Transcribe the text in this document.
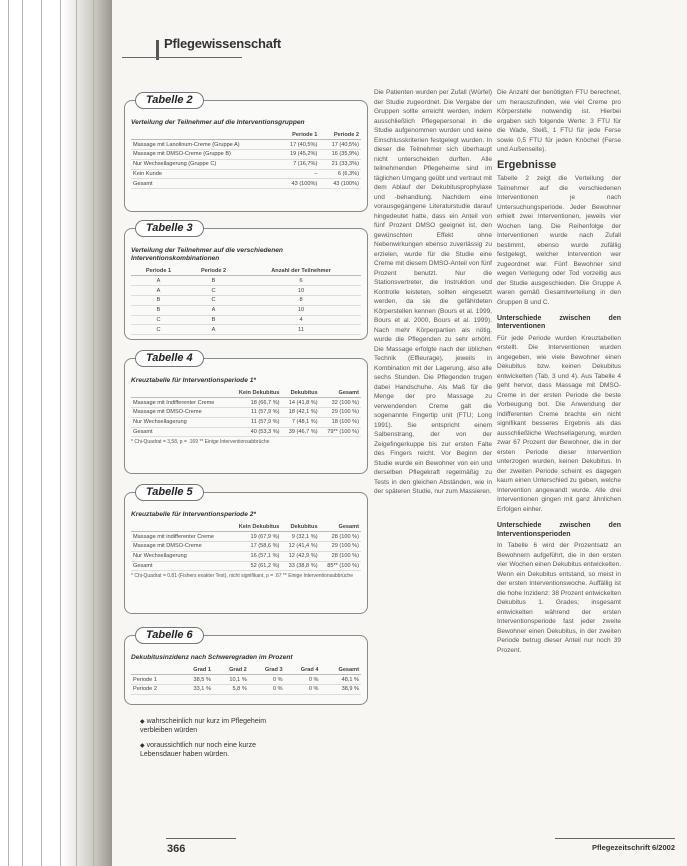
Pflegewissenschaft
Tabelle 2
Verteilung der Teilnehmer auf die Interventionsgruppen
	Periode 1	Periode 2
Massage mit Lanolinum-Creme (Gruppe A)	17 (40,5%)	17 (40,5%)
Massage mit DMSO-Creme (Gruppe B)	19 (45,2%)	16 (35,9%)
Nur Wechsellagerung (Gruppe C)	7 (16,7%)	21 (33,3%)
Kein Kunde	–	6 (6,3%)
Gesamt	43 (100%)	43 (100%)
Tabelle 3
Verteilung der Teilnehmer auf die verschiedenen Interventionskombinationen
Periode 1	Periode 2	Anzahl der Teilnehmer
A	B	6
A	C	10
B	C	8
B	A	10
C	B	4
C	A	11
Tabelle 4
Kreuztabelle für Interventionsperiode 1*
	Kein Dekubitus	Dekubitus	Gesamt
Massage mit Indifferenter Creme	18 (66,7 %)	14 (41,8 %)	32 (100 %)
Massage mit DMSO-Creme	11 (57,9 %)	18 (42,1 %)	29 (100 %)
Nur Wechsellagerung	11 (57,9 %)	7 (48,1 %)	18 (100 %)
Gesamt	40 (53,3 %)	39 (46,7 %)	79** (100 %)
* Chi-Quadrat = 3,58, p = .169 ** Einige Interventionsabbrüche
Tabelle 5
Kreuztabelle für Interventionsperiode 2*
	Kein Dekubitus	Dekubitus	Gesamt
Massage mit indifferenter Creme	19 (67,9 %)	9 (32,1 %)	28 (100 %)
Massage mit DMSO-Creme	17 (58,6 %)	12 (41,4 %)	29 (100 %)
Nur Wechsellagerung	16 (57,1 %)	12 (42,9 %)	28 (100 %)
Gesamt	52 (61,2 %)	33 (38,8 %)	85** (100 %)
* Chi-Quadrat = 0,81 (Fishers exakter Test), nicht signifikant, p = .67 ** Einige Interventionsabbrüche
Tabelle 6
Dekubitusinzidenz nach Schweregraden im Prozent
	Grad 1	Grad 2	Grad 3	Grad 4	Gesamt
Periode 1	38,5 %	10,1 %	0 %	0 %	48,1 %
Periode 2	33,1 %	5,8 %	0 %	0 %	38,9 %
◆ wahrscheinlich nur kurz im Pflegeheim verbleiben würden
◆ voraussichtlich nur noch eine kurze Lebensdauer haben würden.
Die Patienten wurden per Zufall (Würfel) der Studie zugeordnet. Die Vergabe der Gruppen sollte erreicht werden, indem ausschließlich Pflegepersonal in die Studie aufgenommen wurden und keine Einschlusskriterien festgelegt wurden. In dieser die Teilnehmer sich überhaupt nicht unterscheiden durften. Alle teilnehmenden Pflegeheime sind im täglichen Umgang geübt und vertraut mit dem Ablauf der Dekubitusprophylaxe und -behandlung. Nachdem eine vorausgegangene Literaturstudie darauf hingedeutet hatte, dass ein Anteil von fünf Prozent DMSO geeignet ist, den gewünschten Effekt ohne Nebenwirkungen ebenso zuverlässig zu erzielen, wurde für die Studie eine Creme mit diesem DMSO-Anteil von fünf Prozent benutzt. Nur die Stationsvertreter, die Instruktion und Kontrolle leisteten, sollten eingesetzt werden, da sie die gefährdeten Körperstellen kennen (Bours et al. 1999, Bours et al. 2000, Bours et al. 1999). Nach mehr Körperpartien als nötig, wurde die Pflegenden zu sehr erhöht. Die Massage erfolgte nach der üblichen Technik (Effleurage), jeweils in Kombination mit der Lagerung, also alle sechs Stunden. Die Pflegenden trugen dabei Handschuhe. Als Maß für die Menge der pro Massage zu verwendenden Creme galt die sogenannte Fingertip unit (FTU; Long 1991). Sie entspricht einem Salbenstrang, der von der Zeigefingerkuppe bis zur ersten Falte des Fingers reicht. Vor Beginn der Studie wurde ein Bewohner von ein und derselben Pflegekraft regelmäßig zu Tests in den gleichen Abständen, wie in der späteren Studie, nur zum Massieren.
Die Anzahl der benötigten FTU berechnet, um herauszufinden, wie viel Creme pro Körperstelle notwendig ist. Hierbei ergaben sich folgende Werte: 3 FTU für die Wade, Steiß, 1 FTU für jede Ferse sowie 0,5 FTU für jeden Knöchel (Ferse und Außenseite).
Ergebnisse
Tabelle 2 zeigt die Verteilung der Teilnehmer auf die verschiedenen Interventionen je nach Untersuchungsperiode. Jeder Bewohner erhielt zwei Interventionen, jeweils vier Wochen lang. Die Reihenfolge der Interventionen wurde nach Zufall bestimmt, ebenso wurde zufällig festgelegt, welcher Intervention wer zugeordnet war. Fünf Bewohner sind wegen Verlegung oder Tod vorzeitig aus der Studie ausgeschieden. Die Gruppe A waren gemäß Gesamtverteilung in den Gruppen B und C.
Unterschiede zwischen den Interventionen
Für jede Periode wurden Kreuztabellen erstellt. Die Interventionen wurden angegeben, wie viele Bewohner einen Dekubitus bzw. keinen Dekubitus entwickelten (Tab. 3 und 4). Aus Tabelle 4 geht hervor, dass Massage mit DMSO-Creme in der ersten Periode die beste Vorbeugung bot. Die Anwendung der indifferenten Creme brachte ein nicht signifikant besseres Ergebnis als das ausschließliche Wechsellagerung, wurden zwar 67 Prozent der Bewohner, die in der ersten Periode dieser Intervention unterzogen wurden, keinen Dekubitus. In der zweiten Periode scheint es dagegen kaum einen Unterschied zu geben, welche Intervention angewandt wurde. Alle drei Interventionen gingen mit ganz ähnlichen Erfolgen einher.
Unterschiede zwischen den Interventionsperioden
In Tabelle 6 wird der Prozentsatz an Bewohnern aufgeführt, die in den ersten vier Wochen einen Dekubitus entwickelten. Wenn ein Dekubitus entstand, so meist in der ersten Interventionswoche. Auffällig ist die hohe Inzidenz: 38 Prozent entwickelten Dekubitus 1. Grades; insgesamt entwickelten während der ersten Interventionsperiode fast jeder zweite Bewohner einen Dekubitus, in der zweiten Periode betrug dieser Anteil nur noch 39 Prozent.
366	Pflegezeitschrift 6/2002
